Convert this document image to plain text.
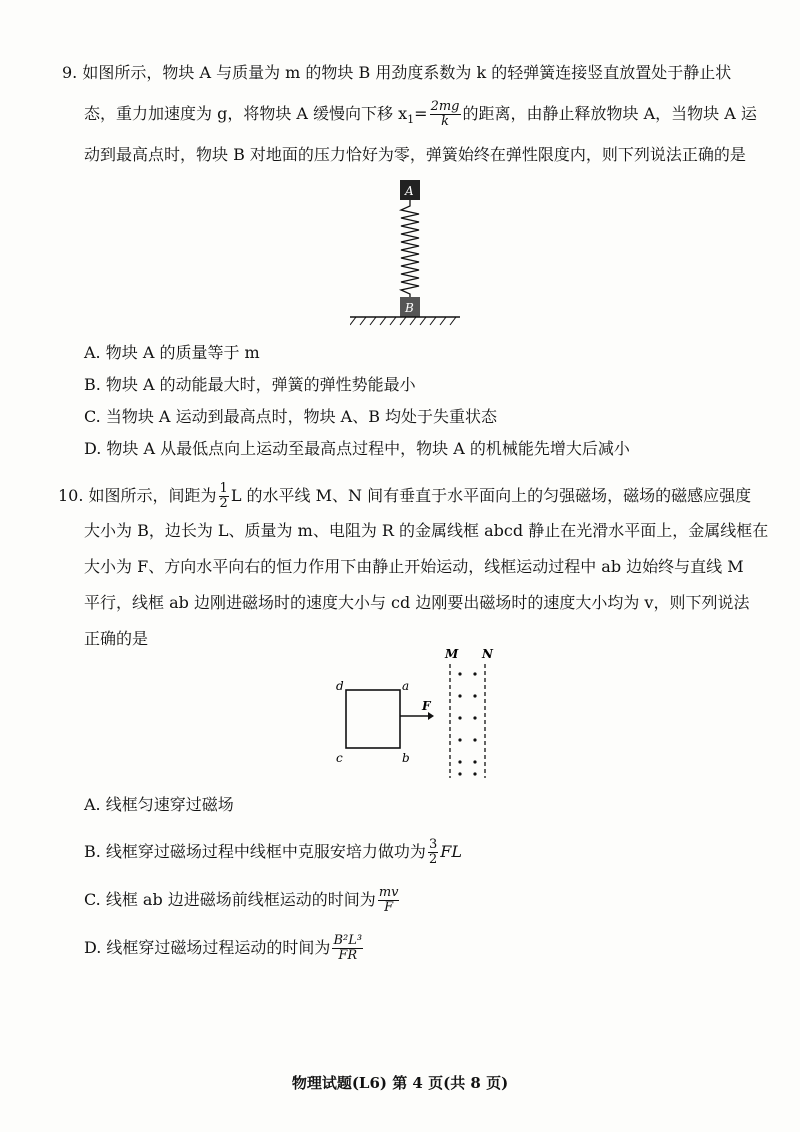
9. 如图所示，物块 A 与质量为 m 的物块 B 用劲度系数为 k 的轻弹簧连接竖直放置处于静止状
态，重力加速度为 g，将物块 A 缓慢向下移 $x_1= \frac{2mg}{k}$ 的距离，由静止释放物块 A，当物块 A 运
动到最高点时，物块 B 对地面的压力恰好为零，弹簧始终在弹性限度内，则下列说法正确的是
A
B
A. 物块 A 的质量等于 m
B. 物块 A 的动能最大时，弹簧的弹性势能最小
C. 当物块 A 运动到最高点时，物块 A、B 均处于失重状态
D. 物块 A 从最低点向上运动至最高点过程中，物块 A 的机械能先增大后减小
10. 如图所示，间距为 $\frac{1}{2}$ L 的水平线 M、N 间有垂直于水平面向上的匀强磁场，磁场的磁感应强度
大小为 B，边长为 L、质量为 m、电阻为 R 的金属线框 abcd 静止在光滑水平面上，金属线框在
大小为 F、方向水平向右的恒力作用下由静止开始运动，线框运动过程中 ab 边始终与直线 M
平行，线框 ab 边刚进磁场时的速度大小与 cd 边刚要出磁场时的速度大小均为 v，则下列说法
正确的是
d	a
c	b
F
M N
A. 线框匀速穿过磁场
B. 线框穿过磁场过程中线框中克服安培力做功为 $\frac{3}{2}$ FL
C. 线框 ab 边进磁场前线框运动的时间为 $\frac{mv}{F}$
D. 线框穿过磁场过程运动的时间为 $\frac{\text{B²L³}}{FR}$
物理试题(L6) 第 4 页(共 8 页)
